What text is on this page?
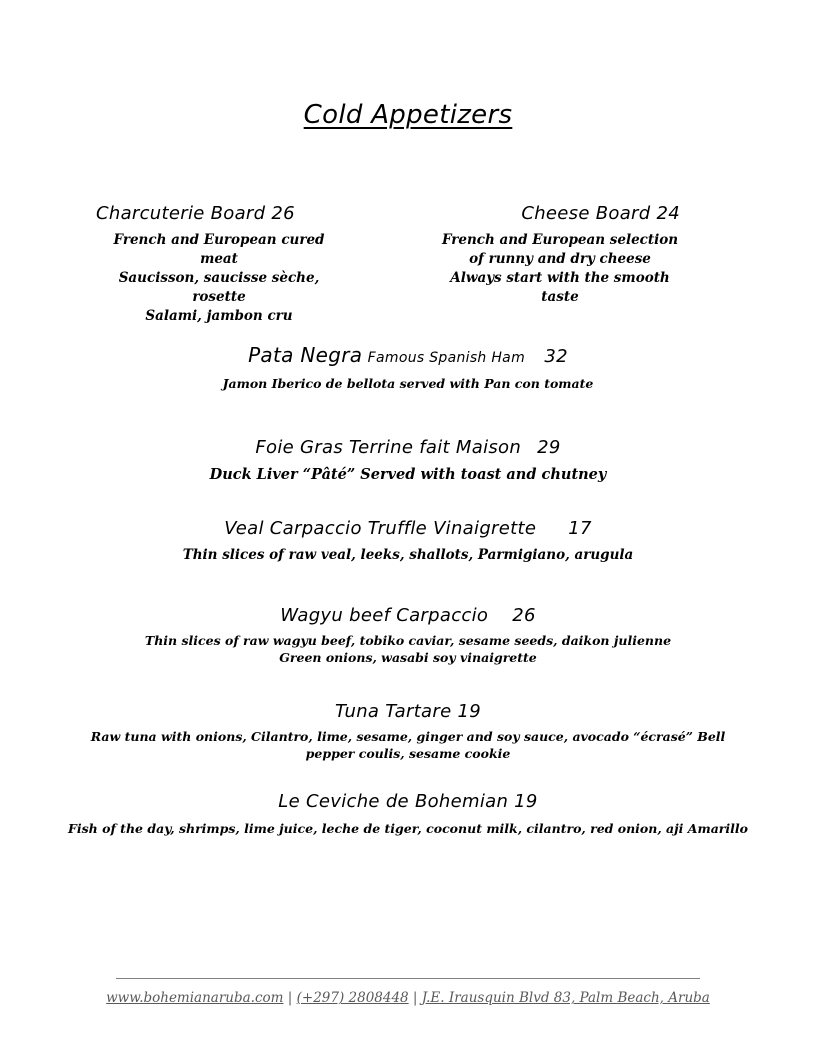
Cold Appetizers
Charcuterie Board 26
French and European cured meat
Saucisson, saucisse sèche, rosette
Salami, jambon cru
Cheese Board 24
French and European selection
of runny and dry cheese
Always start with the smooth taste
Pata Negra Famous Spanish Ham 32
Jamon Iberico de bellota served with Pan con tomate
Foie Gras Terrine fait Maison 29
Duck Liver “Pâté” Served with toast and chutney
Veal Carpaccio Truffle Vinaigrette 17
Thin slices of raw veal, leeks, shallots, Parmigiano, arugula
Wagyu beef Carpaccio 26
Thin slices of raw wagyu beef, tobiko caviar, sesame seeds, daikon julienne
Green onions, wasabi soy vinaigrette
Tuna Tartare 19
Raw tuna with onions, Cilantro, lime, sesame, ginger and soy sauce, avocado “écrasé” Bell
pepper coulis, sesame cookie
Le Ceviche de Bohemian 19
Fish of the day, shrimps, lime juice, leche de tiger, coconut milk, cilantro, red onion, aji Amarillo
www.bohemianaruba.com | (+297) 2808448 | J.E. Irausquin Blvd 83, Palm Beach, Aruba
